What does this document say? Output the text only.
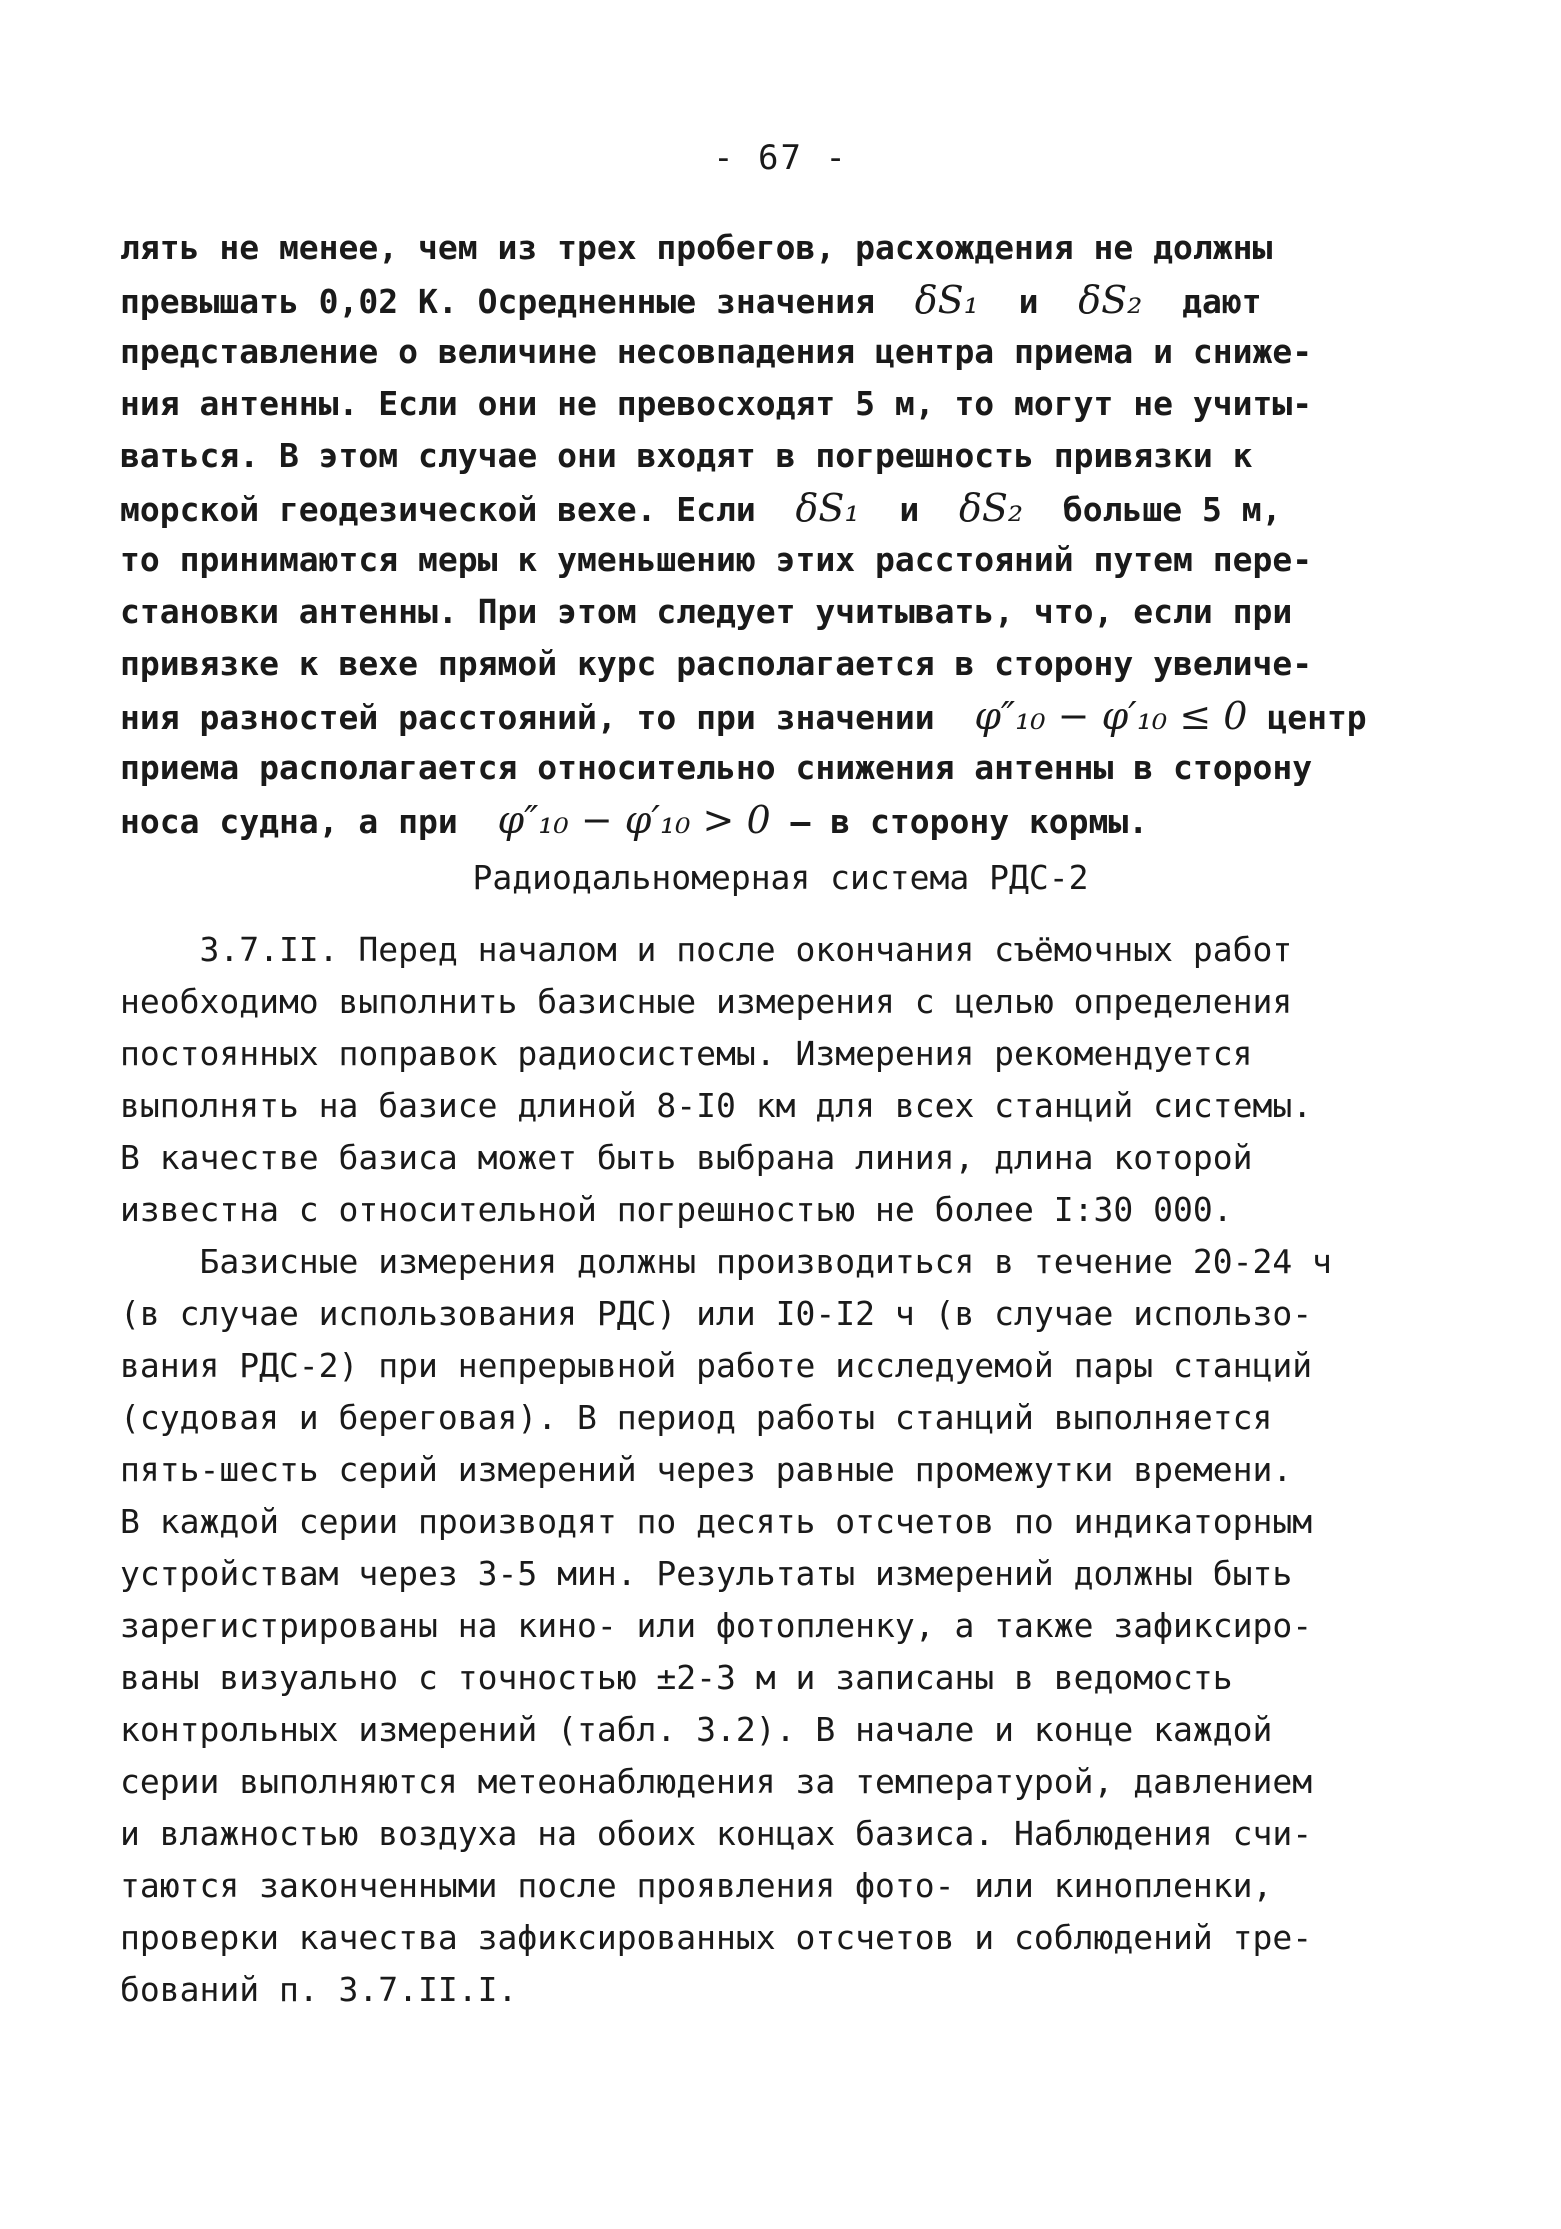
- 67 -

лять не менее, чем из трех пробегов, расхождения не должны

превышать 0,02 К. Осредненные значения  δS₁  и  δS₂  дают

представление о величине несовпадения центра приема и сниже-

ния антенны. Если они не превосходят 5 м, то могут не учиты-

ваться. В этом случае они входят в погрешность привязки к

морской геодезической вехе. Если  δS₁  и  δS₂  больше 5 м,

то принимаются меры к уменьшению этих расстояний путем пере-

становки антенны. При этом следует учитывать, что, если при

привязке к вехе прямой курс располагается в сторону увеличе-

ния разностей расстояний, то при значении  φ″₁₀ − φ′₁₀ ≤ 0 центр

приема располагается относительно снижения антенны в сторону

носа судна, а при  φ″₁₀ − φ′₁₀ > 0 – в сторону кормы.

Радиодальномерная система РДС-2

3.7.II. Перед началом и после окончания съёмочных работ

необходимо выполнить базисные измерения с целью определения

постоянных поправок радиосистемы. Измерения рекомендуется

выполнять на базисе длиной 8-I0 км для всех станций системы.

В качестве базиса может быть выбрана линия, длина которой

известна с относительной погрешностью не более I:30 000.

Базисные измерения должны производиться в течение 20-24 ч

(в случае использования РДС) или I0-I2 ч (в случае использо-

вания РДС-2) при непрерывной работе исследуемой пары станций

(судовая и береговая). В период работы станций выполняется

пять-шесть серий измерений через равные промежутки времени.

В каждой серии производят по десять отсчетов по индикаторным

устройствам через 3-5 мин. Результаты измерений должны быть

зарегистрированы на кино- или фотопленку, а также зафиксиро-

ваны визуально с точностью ±2-3 м и записаны в ведомость

контрольных измерений (табл. 3.2). В начале и конце каждой

серии выполняются метеонаблюдения за температурой, давлением

и влажностью воздуха на обоих концах базиса. Наблюдения счи-

таются законченными после проявления фото- или кинопленки,

проверки качества зафиксированных отсчетов и соблюдений тре-

бований п. 3.7.II.I.
